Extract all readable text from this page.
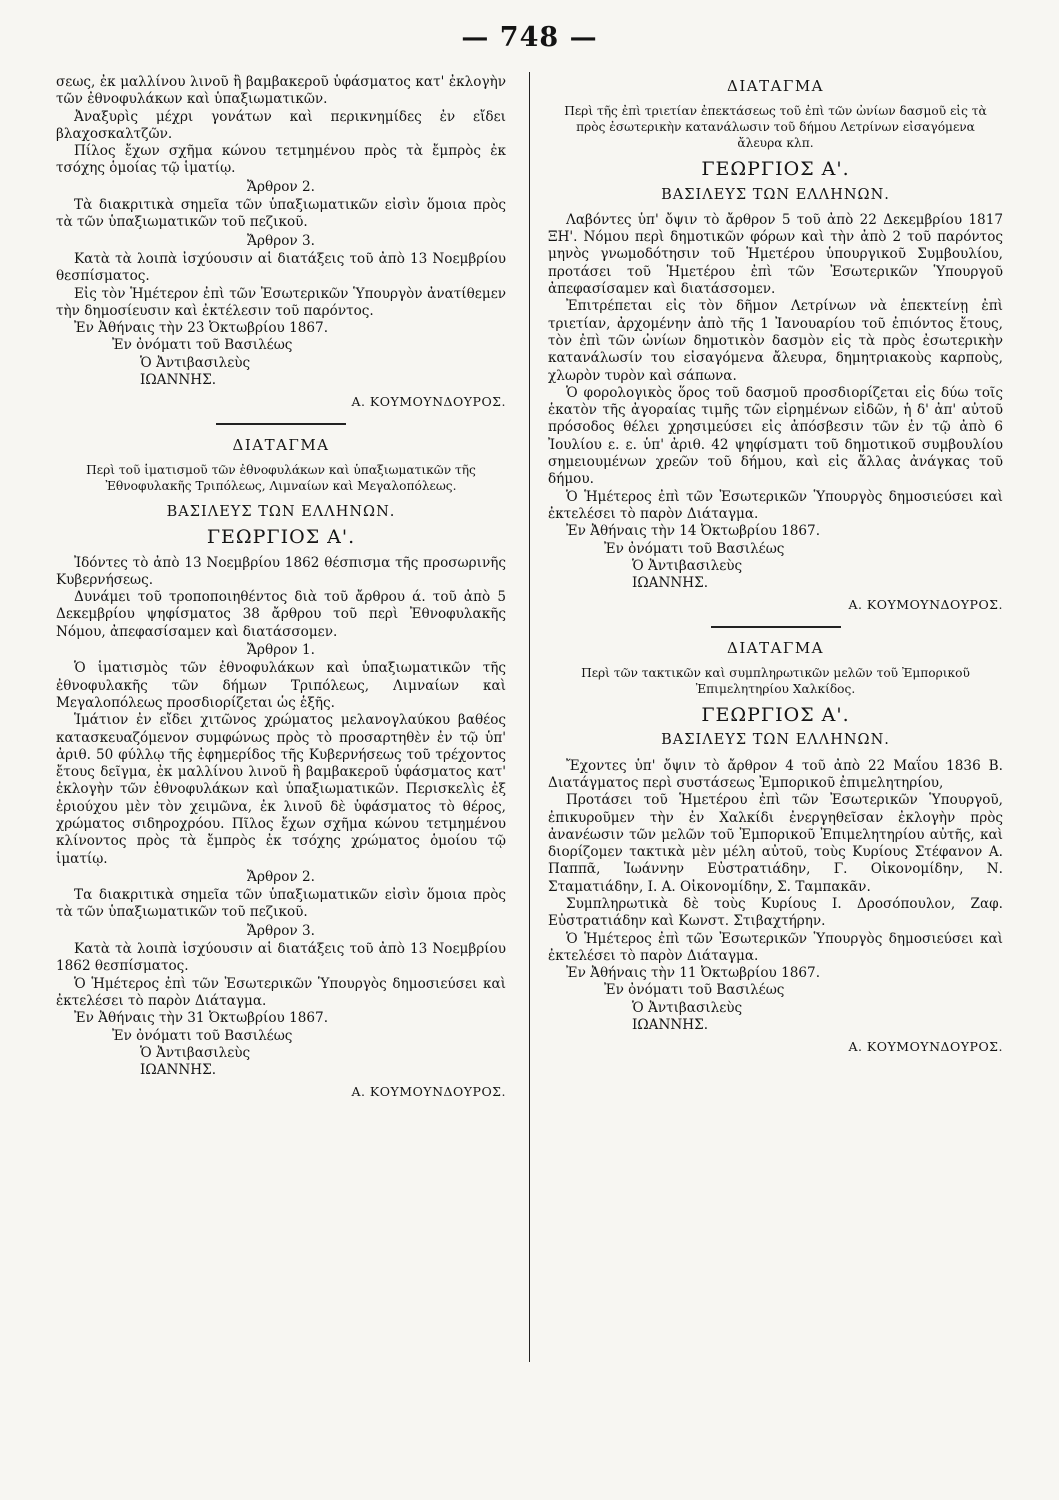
— 748 —

σεως, ἐκ μαλλίνου λινοῦ ἢ βαμβακεροῦ ὑφάσματος κατ' ἐκλογὴν τῶν ἐθνοφυλάκων καὶ ὑπαξιωματικῶν.

Ἀναξυρὶς μέχρι γονάτων καὶ περικνημίδες ἐν εἴδει βλαχοσκαλτζῶν.

Πίλος ἔχων σχῆμα κώνου τετμημένου πρὸς τὰ ἔμπρὸς ἐκ τσόχης ὁμοίας τῷ ἱματίῳ.

Ἄρθρον 2.

Τὰ διακριτικὰ σημεῖα τῶν ὑπαξιωματικῶν εἰσὶν ὅμοια πρὸς τὰ τῶν ὑπαξιωματικῶν τοῦ πεζικοῦ.

Ἄρθρον 3.

Κατὰ τὰ λοιπὰ ἰσχύουσιν αἱ διατάξεις τοῦ ἀπὸ 13 Νοεμβρίου θεσπίσματος.

Εἰς τὸν Ἡμέτερον ἐπὶ τῶν Ἐσωτερικῶν Ὑπουργὸν ἀνατίθεμεν τὴν δημοσίευσιν καὶ ἐκτέλεσιν τοῦ παρόντος.

Ἐν Ἀθήναις τὴν 23 Ὀκτωβρίου 1867.

Ἐν ὀνόματι τοῦ Βασιλέως
Ὁ Ἀντιβασιλεὺς
ΙΩΑΝΝΗΣ.
Α. ΚΟΥΜΟΥΝΔΟΥΡΟΣ.
ΔΙΑΤΑΓΜΑ
Περὶ τοῦ ἱματισμοῦ τῶν ἐθνοφυλάκων καὶ ὑπαξιωματικῶν τῆς Ἐθνοφυλακῆς Τριπόλεως, Λιμναίων καὶ Μεγαλοπόλεως.
ΒΑΣΙΛΕΥΣ ΤΩΝ ΕΛΛΗΝΩΝ.
ΓΕΩΡΓΙΟΣ Α'.

Ἰδόντες τὸ ἀπὸ 13 Νοεμβρίου 1862 θέσπισμα τῆς προσωρινῆς Κυβερνήσεως.

Δυνάμει τοῦ τροποποιηθέντος διὰ τοῦ ἄρθρου ά. τοῦ ἀπὸ 5 Δεκεμβρίου ψηφίσματος 38 ἄρθρου τοῦ περὶ Ἐθνοφυλακῆς Νόμου, ἀπεφασίσαμεν καὶ διατάσσομεν.

Ἄρθρον 1.

Ὁ ἱματισμὸς τῶν ἐθνοφυλάκων καὶ ὑπαξιωματικῶν τῆς ἐθνοφυλακῆς τῶν δήμων Τριπόλεως, Λιμναίων καὶ Μεγαλοπόλεως προσδιορίζεται ὡς ἑξῆς.

Ἱμάτιον ἐν εἴδει χιτῶνος χρώματος μελανογλαύκου βαθέος κατασκευαζόμενον συμφώνως πρὸς τὸ προσαρτηθὲν ἐν τῷ ὑπ' ἀριθ. 50 φύλλῳ τῆς ἐφημερίδος τῆς Κυβερνήσεως τοῦ τρέχοντος ἔτους δεῖγμα, ἐκ μαλλίνου λινοῦ ἢ βαμβακεροῦ ὑφάσματος κατ' ἐκλογὴν τῶν ἐθνοφυλάκων καὶ ὑπαξιωματικῶν. Περισκελὶς ἐξ ἐριούχου μὲν τὸν χειμῶνα, ἐκ λινοῦ δὲ ὑφάσματος τὸ θέρος, χρώματος σιδηροχρόου. Πῖλος ἔχων σχῆμα κώνου τετμημένου κλίνοντος πρὸς τὰ ἔμπρὸς ἐκ τσόχης χρώματος ὁμοίου τῷ ἱματίῳ.

Ἄρθρον 2.

Τα διακριτικὰ σημεῖα τῶν ὑπαξιωματικῶν εἰσὶν ὅμοια πρὸς τὰ τῶν ὑπαξιωματικῶν τοῦ πεζικοῦ.

Ἄρθρον 3.

Κατὰ τὰ λοιπὰ ἰσχύουσιν αἱ διατάξεις τοῦ ἀπὸ 13 Νοεμβρίου 1862 θεσπίσματος.

Ὁ Ἡμέτερος ἐπὶ τῶν Ἐσωτερικῶν Ὑπουργὸς δημοσιεύσει καὶ ἐκτελέσει τὸ παρὸν Διάταγμα.

Ἐν Ἀθήναις τὴν 31 Ὀκτωβρίου 1867.

Ἐν ὀνόματι τοῦ Βασιλέως
Ὁ Ἀντιβασιλεὺς
ΙΩΑΝΝΗΣ.
Α. ΚΟΥΜΟΥΝΔΟΥΡΟΣ.
ΔΙΑΤΑΓΜΑ
Περὶ τῆς ἐπὶ τριετίαν ἐπεκτάσεως τοῦ ἐπὶ τῶν ὠνίων δασμοῦ εἰς τὰ πρὸς ἐσωτερικὴν κατανάλωσιν τοῦ δήμου Λετρίνων εἰσαγόμενα ἄλευρα κλπ.
ΓΕΩΡΓΙΟΣ Α'.
ΒΑΣΙΛΕΥΣ ΤΩΝ ΕΛΛΗΝΩΝ.

Λαβόντες ὑπ' ὄψιν τὸ ἄρθρον 5 τοῦ ἀπὸ 22 Δεκεμβρίου 1817 ΞΗ'. Νόμου περὶ δημοτικῶν φόρων καὶ τὴν ἀπὸ 2 τοῦ παρόντος μηνὸς γνωμοδότησιν τοῦ Ἡμετέρου ὑπουργικοῦ Συμβουλίου, προτάσει τοῦ Ἡμετέρου ἐπὶ τῶν Ἐσωτερικῶν Ὑπουργοῦ ἀπεφασίσαμεν καὶ διατάσσομεν.

Ἐπιτρέπεται εἰς τὸν δῆμον Λετρίνων νὰ ἐπεκτείνῃ ἐπὶ τριετίαν, ἀρχομένην ἀπὸ τῆς 1 Ἰανουαρίου τοῦ ἐπιόντος ἔτους, τὸν ἐπὶ τῶν ὠνίων δημοτικὸν δασμὸν εἰς τὰ πρὸς ἐσωτερικὴν κατανάλωσίν του εἰσαγόμενα ἄλευρα, δημητριακοὺς καρποὺς, χλωρὸν τυρὸν καὶ σάπωνα.

Ὁ φορολογικὸς ὅρος τοῦ δασμοῦ προσδιορίζεται εἰς δύω τοῖς ἑκατὸν τῆς ἀγοραίας τιμῆς τῶν εἰρημένων εἰδῶν, ἡ δ' ἀπ' αὐτοῦ πρόσοδος θέλει χρησιμεύσει εἰς ἀπόσβεσιν τῶν ἐν τῷ ἀπὸ 6 Ἰουλίου ε. ε. ὑπ' ἀριθ. 42 ψηφίσματι τοῦ δημοτικοῦ συμβουλίου σημειουμένων χρεῶν τοῦ δήμου, καὶ εἰς ἄλλας ἀνάγκας τοῦ δήμου.

Ὁ Ἡμέτερος ἐπὶ τῶν Ἐσωτερικῶν Ὑπουργὸς δημοσιεύσει καὶ ἐκτελέσει τὸ παρὸν Διάταγμα.

Ἐν Ἀθήναις τὴν 14 Ὀκτωβρίου 1867.

Ἐν ὀνόματι τοῦ Βασιλέως
Ὁ Ἀντιβασιλεὺς
ΙΩΑΝΝΗΣ.
Α. ΚΟΥΜΟΥΝΔΟΥΡΟΣ.
ΔΙΑΤΑΓΜΑ
Περὶ τῶν τακτικῶν καὶ συμπληρωτικῶν μελῶν τοῦ Ἐμπορικοῦ Ἐπιμελητηρίου Χαλκίδος.
ΓΕΩΡΓΙΟΣ Α'.
ΒΑΣΙΛΕΥΣ ΤΩΝ ΕΛΛΗΝΩΝ.

Ἔχοντες ὑπ' ὄψιν τὸ ἄρθρον 4 τοῦ ἀπὸ 22 Μαΐου 1836 Β. Διατάγματος περὶ συστάσεως Ἐμπορικοῦ ἐπιμελητηρίου,

Προτάσει τοῦ Ἡμετέρου ἐπὶ τῶν Ἐσωτερικῶν Ὑπουργοῦ, ἐπικυροῦμεν τὴν ἐν Χαλκίδι ἐνεργηθεῖσαν ἐκλογὴν πρὸς ἀνανέωσιν τῶν μελῶν τοῦ Ἐμπορικοῦ Ἐπιμελητηρίου αὐτῆς, καὶ διορίζομεν τακτικὰ μὲν μέλη αὐτοῦ, τοὺς Κυρίους Στέφανον Α. Παππᾶ, Ἰωάννην Εὐστρατιάδην, Γ. Οἰκονομίδην, Ν. Σταματιάδην, Ι. Α. Οἰκονομίδην, Σ. Ταμπακᾶν.

Συμπληρωτικὰ δὲ τοὺς Κυρίους Ι. Δροσόπουλον, Ζαφ. Εὐστρατιάδην καὶ Κωνστ. Στιβαχτήρην.

Ὁ Ἡμέτερος ἐπὶ τῶν Ἐσωτερικῶν Ὑπουργὸς δημοσιεύσει καὶ ἐκτελέσει τὸ παρὸν Διάταγμα.

Ἐν Ἀθήναις τὴν 11 Ὀκτωβρίου 1867.

Ἐν ὀνόματι τοῦ Βασιλέως
Ὁ Ἀντιβασιλεὺς
ΙΩΑΝΝΗΣ.
Α. ΚΟΥΜΟΥΝΔΟΥΡΟΣ.
